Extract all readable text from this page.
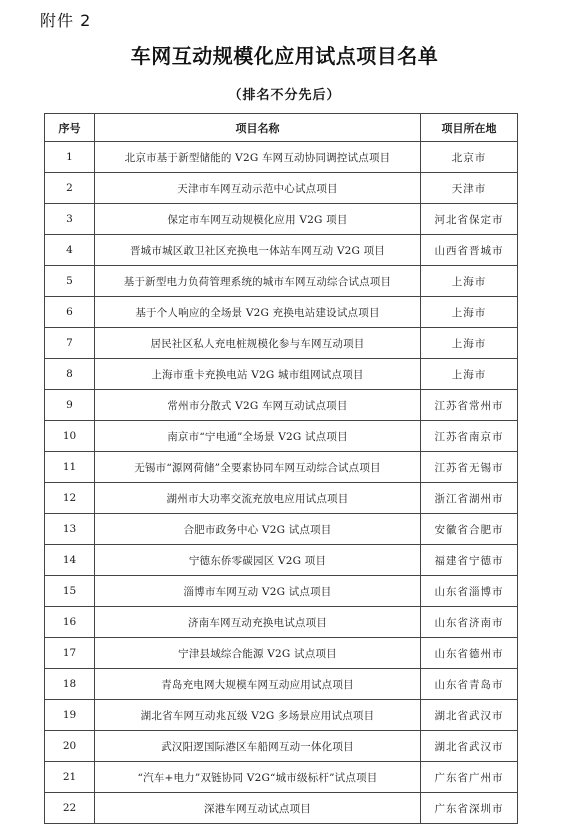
附件 2
车网互动规模化应用试点项目名单
（排名不分先后）
序号	项目名称	项目所在地
1	北京市基于新型储能的 V2G 车网互动协同调控试点项目	北京市
2	天津市车网互动示范中心试点项目	天津市
3	保定市车网互动规模化应用 V2G 项目	河北省保定市
4	晋城市城区敢卫社区充换电一体站车网互动 V2G 项目	山西省晋城市
5	基于新型电力负荷管理系统的城市车网互动综合试点项目	上海市
6	基于个人响应的全场景 V2G 充换电站建设试点项目	上海市
7	居民社区私人充电桩规模化参与车网互动项目	上海市
8	上海市重卡充换电站 V2G 城市组网试点项目	上海市
9	常州市分散式 V2G 车网互动试点项目	江苏省常州市
10	南京市“宁电通”全场景 V2G 试点项目	江苏省南京市
11	无锡市“源网荷储”全要素协同车网互动综合试点项目	江苏省无锡市
12	湖州市大功率交流充放电应用试点项目	浙江省湖州市
13	合肥市政务中心 V2G 试点项目	安徽省合肥市
14	宁德东侨零碳园区 V2G 项目	福建省宁德市
15	淄博市车网互动 V2G 试点项目	山东省淄博市
16	济南车网互动充换电试点项目	山东省济南市
17	宁津县域综合能源 V2G 试点项目	山东省德州市
18	青岛充电网大规模车网互动应用试点项目	山东省青岛市
19	湖北省车网互动兆瓦级 V2G 多场景应用试点项目	湖北省武汉市
20	武汉阳逻国际港区车船网互动一体化项目	湖北省武汉市
21	“汽车+电力”双链协同 V2G“城市级标杆”试点项目	广东省广州市
22	深港车网互动试点项目	广东省深圳市
